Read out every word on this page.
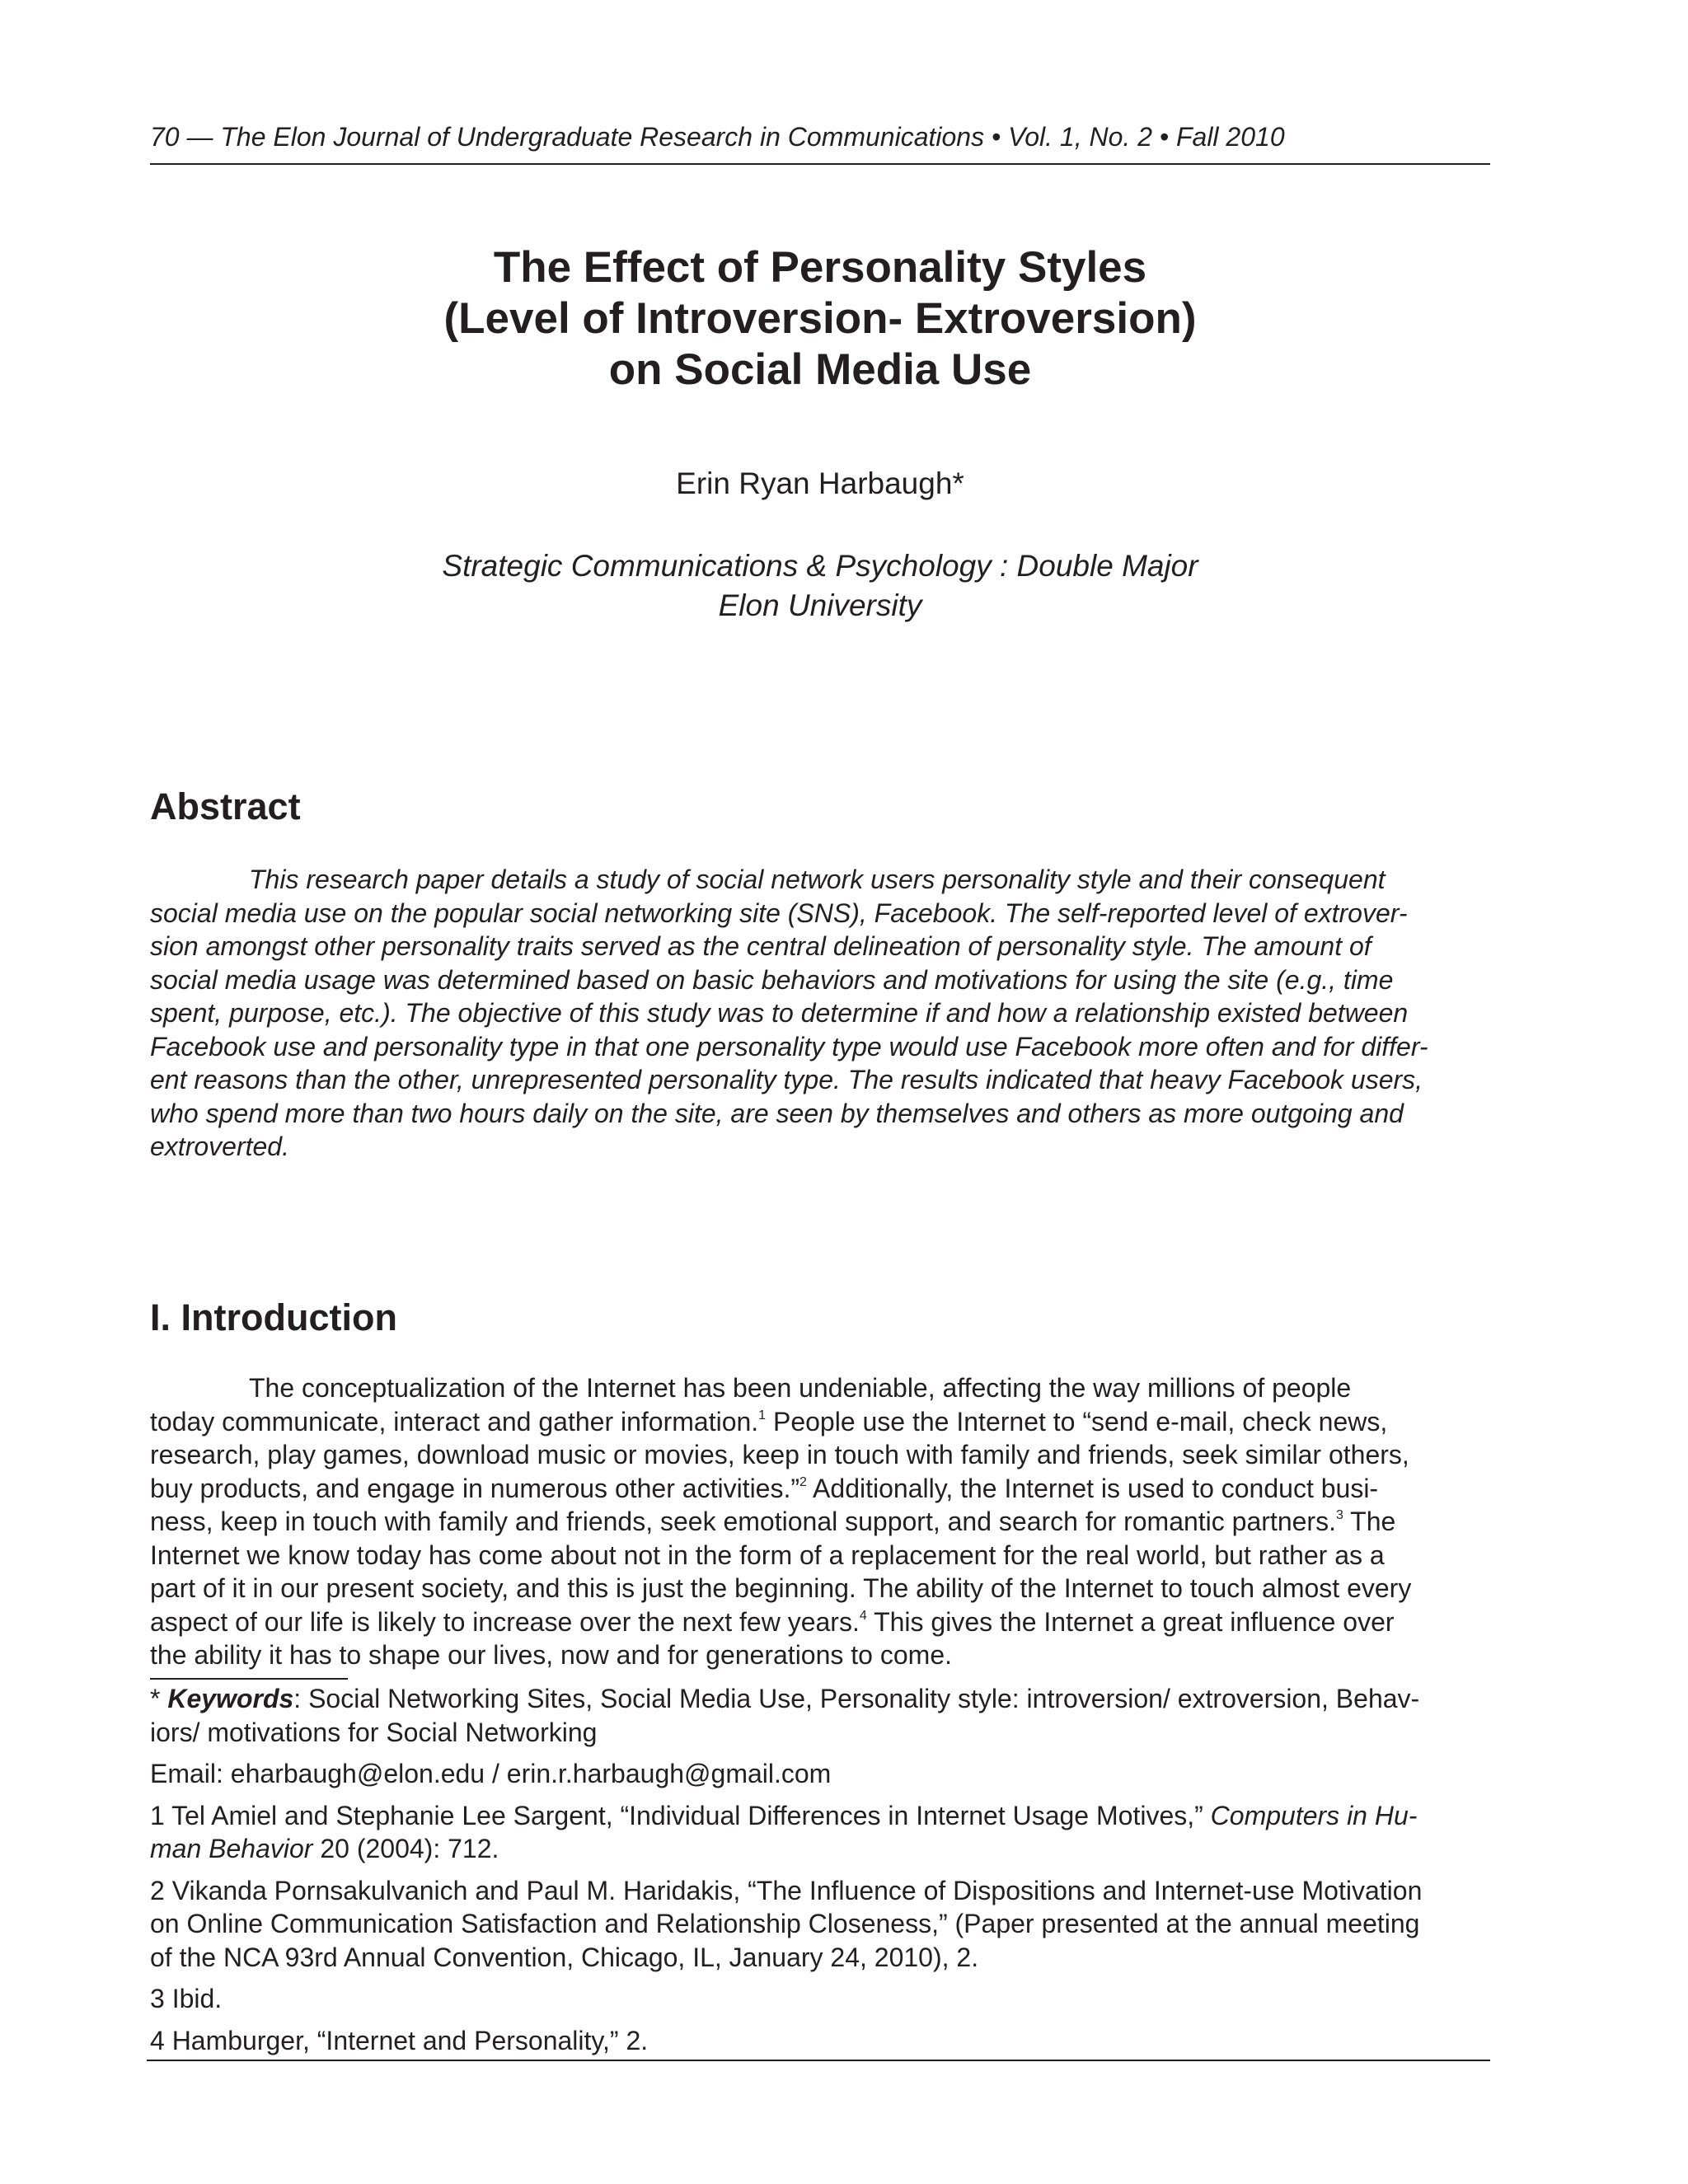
70 — The Elon Journal of Undergraduate Research in Communications • Vol. 1, No. 2 • Fall 2010
The Effect of Personality Styles
(Level of Introversion- Extroversion)
on Social Media Use
Erin Ryan Harbaugh*
Strategic Communications & Psychology : Double Major
Elon University
Abstract

This research paper details a study of social network users personality style and their consequent
social media use on the popular social networking site (SNS), Facebook. The self-reported level of extrover-
sion amongst other personality traits served as the central delineation of personality style. The amount of
social media usage was determined based on basic behaviors and motivations for using the site (e.g., time
spent, purpose, etc.). The objective of this study was to determine if and how a relationship existed between
Facebook use and personality type in that one personality type would use Facebook more often and for differ-
ent reasons than the other, unrepresented personality type. The results indicated that heavy Facebook users,
who spend more than two hours daily on the site, are seen by themselves and others as more outgoing and
extroverted.

I. Introduction

The conceptualization of the Internet has been undeniable, affecting the way millions of people
today communicate, interact and gather information.$^1$ People use the Internet to “send e-mail, check news,
research, play games, download music or movies, keep in touch with family and friends, seek similar others,
buy products, and engage in numerous other activities.”$^2$ Additionally, the Internet is used to conduct busi-
ness, keep in touch with family and friends, seek emotional support, and search for romantic partners.$^3$ The
Internet we know today has come about not in the form of a replacement for the real world, but rather as a
part of it in our present society, and this is just the beginning. The ability of the Internet to touch almost every
aspect of our life is likely to increase over the next few years.$^4$ This gives the Internet a great influence over
the ability it has to shape our lives, now and for generations to come.

* Keywords: Social Networking Sites, Social Media Use, Personality style: introversion/ extroversion, Behav-
iors/ motivations for Social Networking
Email: eharbaugh@elon.edu / erin.r.harbaugh@gmail.com
1 Tel Amiel and Stephanie Lee Sargent, “Individual Differences in Internet Usage Motives,” Computers in Hu-
man Behavior 20 (2004): 712.
2 Vikanda Pornsakulvanich and Paul M. Haridakis, “The Influence of Dispositions and Internet-use Motivation
on Online Communication Satisfaction and Relationship Closeness,” (Paper presented at the annual meeting
of the NCA 93rd Annual Convention, Chicago, IL, January 24, 2010), 2.
3 Ibid.
4 Hamburger, “Internet and Personality,” 2.
